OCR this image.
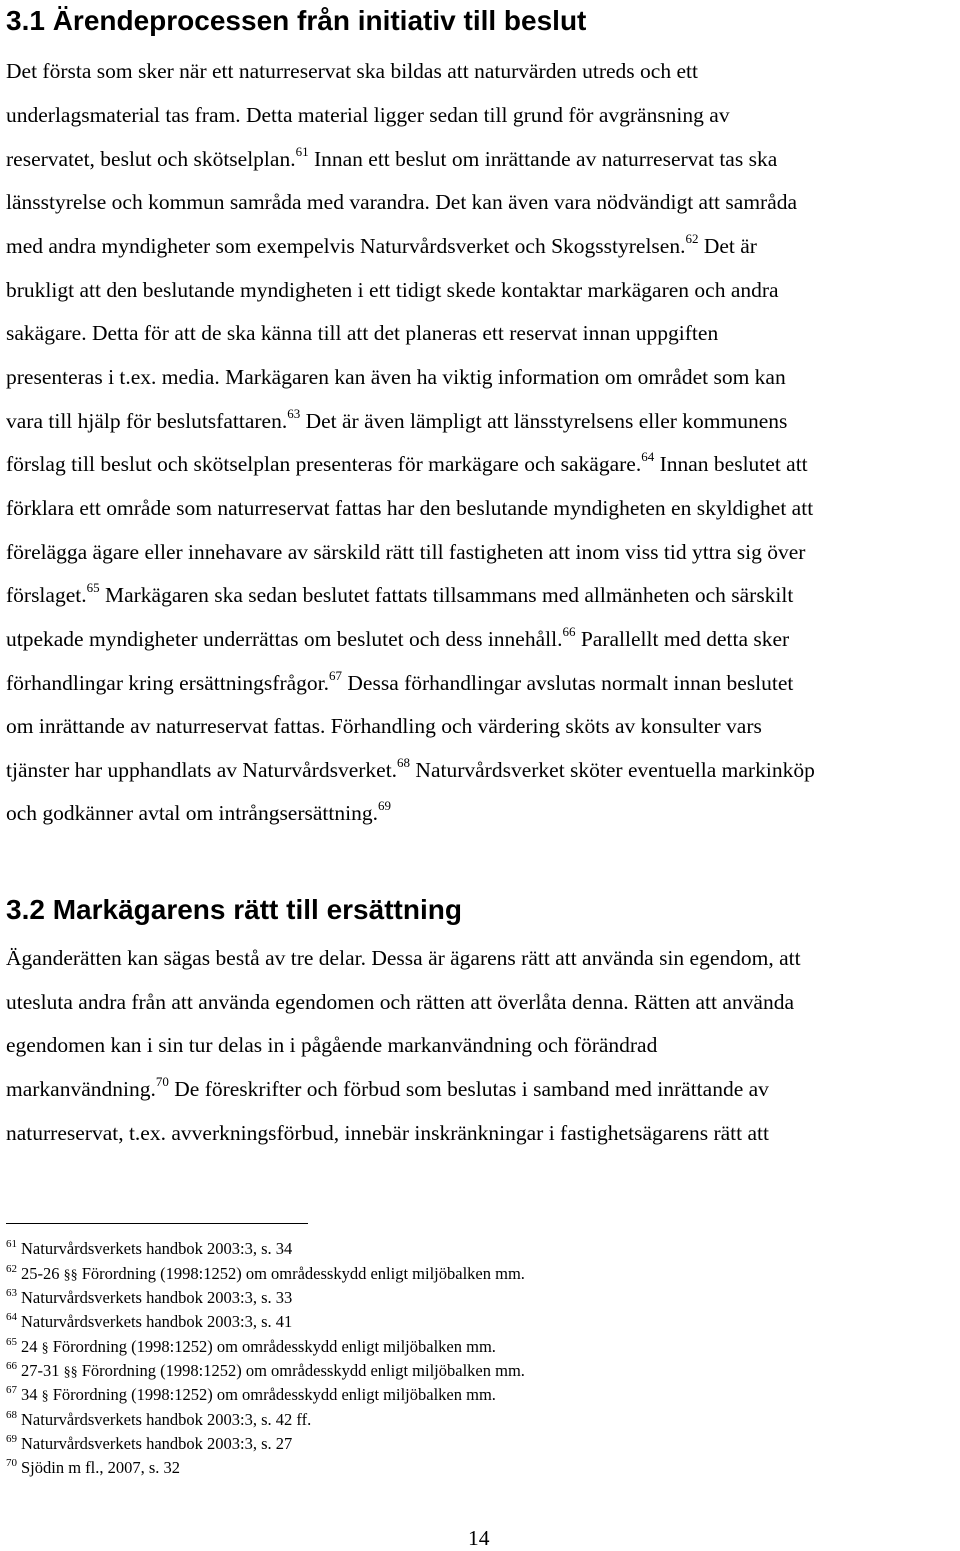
3.1 Ärendeprocessen från initiativ till beslut

Det första som sker när ett naturreservat ska bildas att naturvärden utreds och ett

underlagsmaterial tas fram. Detta material ligger sedan till grund för avgränsning av

reservatet, beslut och skötselplan.$^{61}$ Innan ett beslut om inrättande av naturreservat tas ska

länsstyrelse och kommun samråda med varandra. Det kan även vara nödvändigt att samråda

med andra myndigheter som exempelvis Naturvårdsverket och Skogsstyrelsen.$^{62}$ Det är

brukligt att den beslutande myndigheten i ett tidigt skede kontaktar markägaren och andra

sakägare. Detta för att de ska känna till att det planeras ett reservat innan uppgiften

presenteras i t.ex. media. Markägaren kan även ha viktig information om området som kan

vara till hjälp för beslutsfattaren.$^{63}$ Det är även lämpligt att länsstyrelsens eller kommunens

förslag till beslut och skötselplan presenteras för markägare och sakägare.$^{64}$ Innan beslutet att

förklara ett område som naturreservat fattas har den beslutande myndigheten en skyldighet att

förelägga ägare eller innehavare av särskild rätt till fastigheten att inom viss tid yttra sig över

förslaget.$^{65}$ Markägaren ska sedan beslutet fattats tillsammans med allmänheten och särskilt

utpekade myndigheter underrättas om beslutet och dess innehåll.$^{66}$ Parallellt med detta sker

förhandlingar kring ersättningsfrågor.$^{67}$ Dessa förhandlingar avslutas normalt innan beslutet

om inrättande av naturreservat fattas. Förhandling och värdering sköts av konsulter vars

tjänster har upphandlats av Naturvårdsverket.$^{68}$ Naturvårdsverket sköter eventuella markinköp

och godkänner avtal om intrångsersättning.$^{69}$

3.2 Markägarens rätt till ersättning

Äganderätten kan sägas bestå av tre delar. Dessa är ägarens rätt att använda sin egendom, att

utesluta andra från att använda egendomen och rätten att överlåta denna. Rätten att använda

egendomen kan i sin tur delas in i pågående markanvändning och förändrad

markanvändning.$^{70}$ De föreskrifter och förbud som beslutas i samband med inrättande av

naturreservat, t.ex. avverkningsförbud, innebär inskränkningar i fastighetsägarens rätt att

$^{61}$ Naturvårdsverkets handbok 2003:3, s. 34

$^{62}$ 25-26 §§ Förordning (1998:1252) om områdesskydd enligt miljöbalken mm.

$^{63}$ Naturvårdsverkets handbok 2003:3, s. 33

$^{64}$ Naturvårdsverkets handbok 2003:3, s. 41

$^{65}$ 24 § Förordning (1998:1252) om områdesskydd enligt miljöbalken mm.

$^{66}$ 27-31 §§ Förordning (1998:1252) om områdesskydd enligt miljöbalken mm.

$^{67}$ 34 § Förordning (1998:1252) om områdesskydd enligt miljöbalken mm.

$^{68}$ Naturvårdsverkets handbok 2003:3, s. 42 ff.

$^{69}$ Naturvårdsverkets handbok 2003:3, s. 27

$^{70}$ Sjödin m fl., 2007, s. 32

14
